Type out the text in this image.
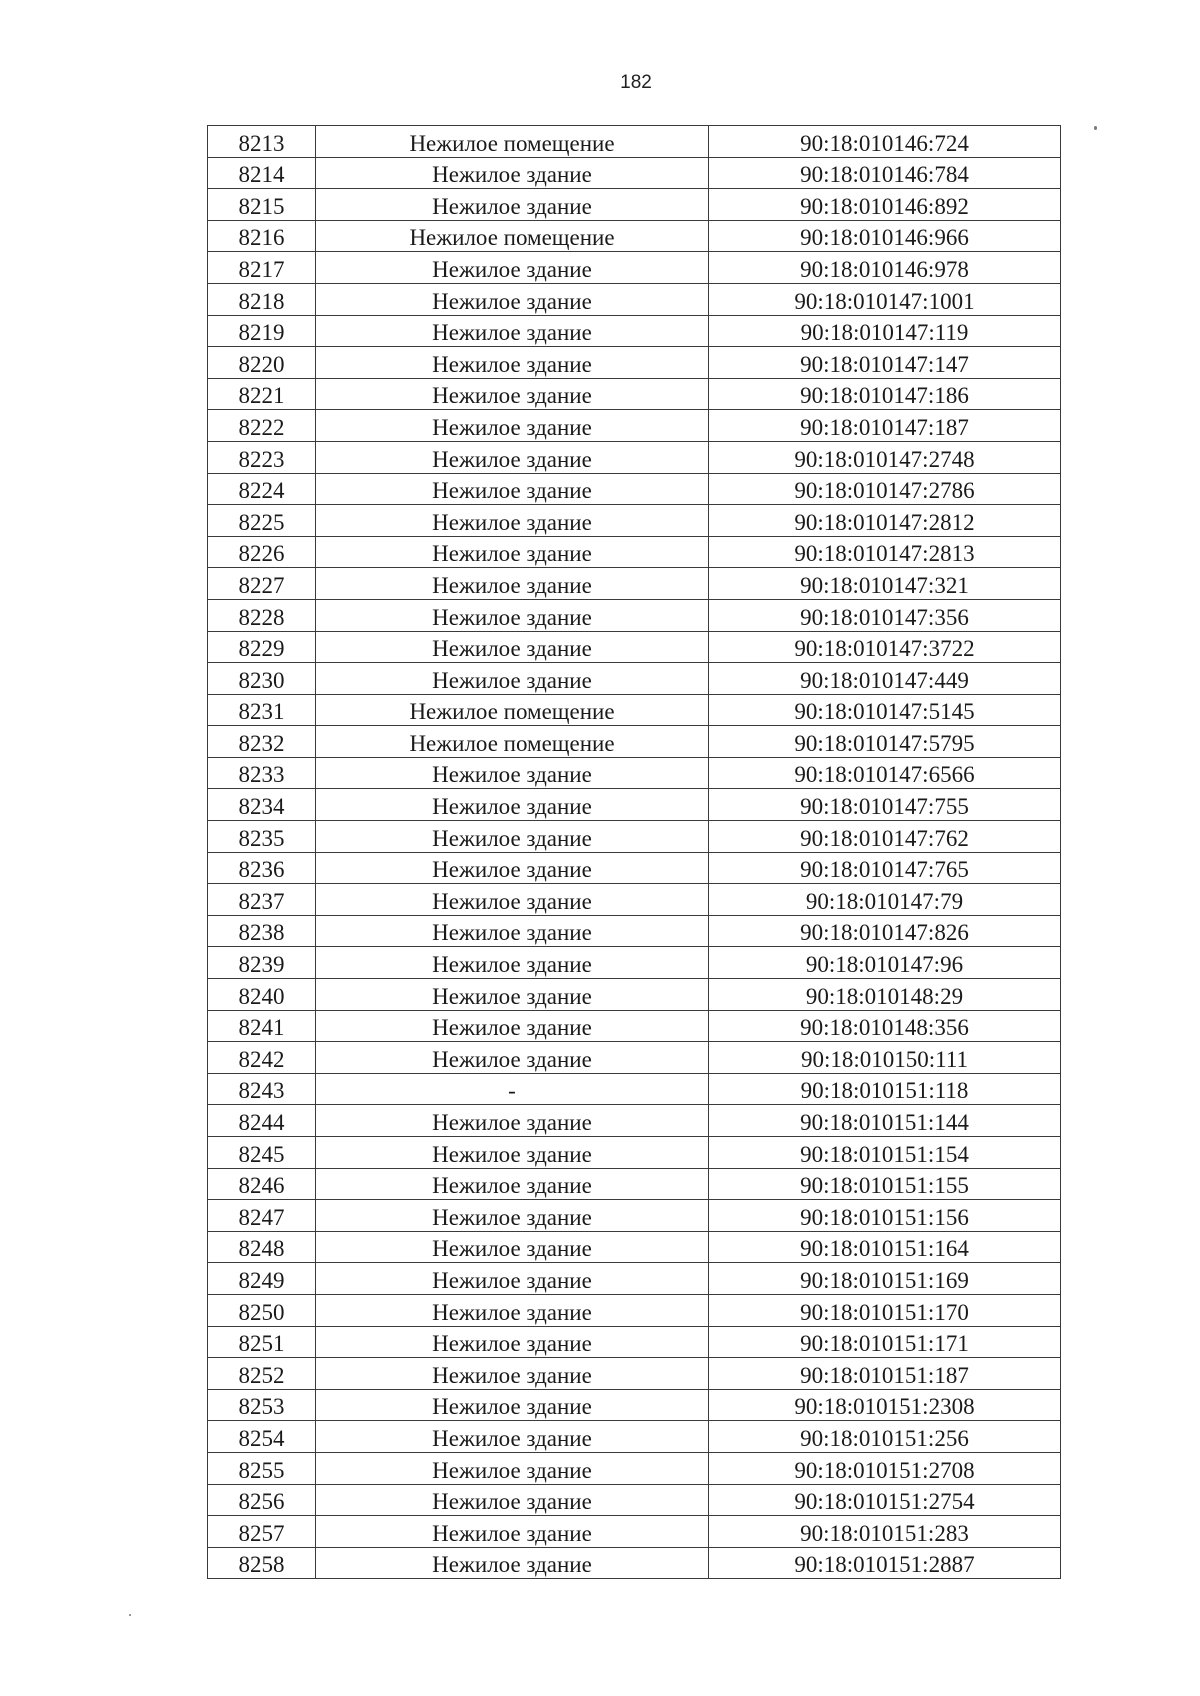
182
8213	Нежилое помещение	90:18:010146:724
8214	Нежилое здание	90:18:010146:784
8215	Нежилое здание	90:18:010146:892
8216	Нежилое помещение	90:18:010146:966
8217	Нежилое здание	90:18:010146:978
8218	Нежилое здание	90:18:010147:1001
8219	Нежилое здание	90:18:010147:119
8220	Нежилое здание	90:18:010147:147
8221	Нежилое здание	90:18:010147:186
8222	Нежилое здание	90:18:010147:187
8223	Нежилое здание	90:18:010147:2748
8224	Нежилое здание	90:18:010147:2786
8225	Нежилое здание	90:18:010147:2812
8226	Нежилое здание	90:18:010147:2813
8227	Нежилое здание	90:18:010147:321
8228	Нежилое здание	90:18:010147:356
8229	Нежилое здание	90:18:010147:3722
8230	Нежилое здание	90:18:010147:449
8231	Нежилое помещение	90:18:010147:5145
8232	Нежилое помещение	90:18:010147:5795
8233	Нежилое здание	90:18:010147:6566
8234	Нежилое здание	90:18:010147:755
8235	Нежилое здание	90:18:010147:762
8236	Нежилое здание	90:18:010147:765
8237	Нежилое здание	90:18:010147:79
8238	Нежилое здание	90:18:010147:826
8239	Нежилое здание	90:18:010147:96
8240	Нежилое здание	90:18:010148:29
8241	Нежилое здание	90:18:010148:356
8242	Нежилое здание	90:18:010150:111
8243	-	90:18:010151:118
8244	Нежилое здание	90:18:010151:144
8245	Нежилое здание	90:18:010151:154
8246	Нежилое здание	90:18:010151:155
8247	Нежилое здание	90:18:010151:156
8248	Нежилое здание	90:18:010151:164
8249	Нежилое здание	90:18:010151:169
8250	Нежилое здание	90:18:010151:170
8251	Нежилое здание	90:18:010151:171
8252	Нежилое здание	90:18:010151:187
8253	Нежилое здание	90:18:010151:2308
8254	Нежилое здание	90:18:010151:256
8255	Нежилое здание	90:18:010151:2708
8256	Нежилое здание	90:18:010151:2754
8257	Нежилое здание	90:18:010151:283
8258	Нежилое здание	90:18:010151:2887
